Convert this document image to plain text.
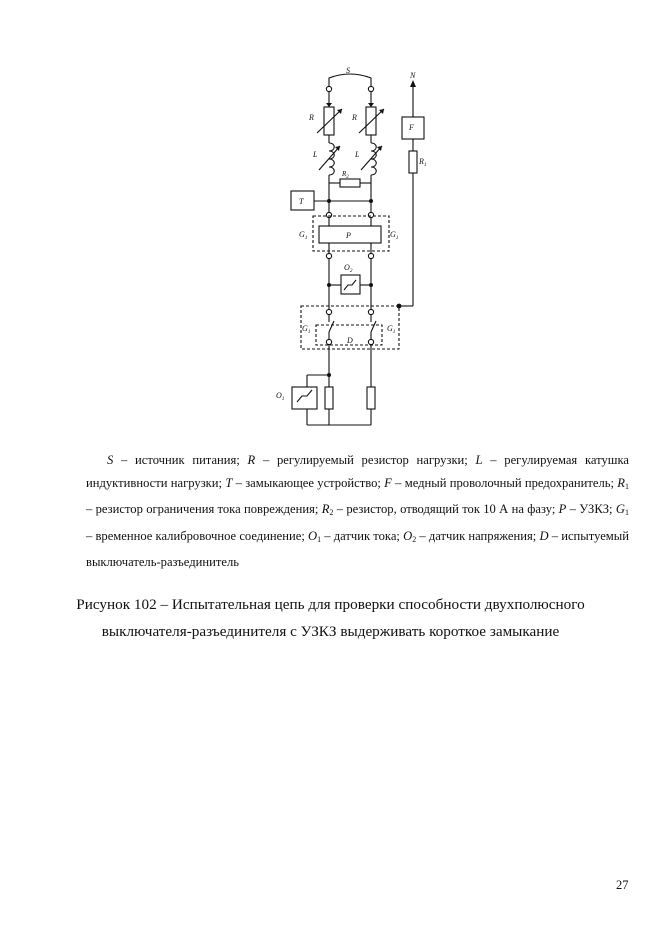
S
N
R	R
L	L
$R_2$
T
F
$R_1$
$G_1$	$G_1$
P
$O_2$
$G_1$	$G_1$
D
$O_1$

S – источник питания; R – регулируемый резистор нагрузки; L – регулируемая катушка индуктивности нагрузки; T – замыкающее устройство; F – медный проволочный предохранитель; $R_1$ – резистор ограничения тока повреждения; $R_2$ – резистор, отводящий ток 10 А на фазу; P – УЗКЗ; $G_1$ – временное калибровочное соединение; $O_1$ – датчик тока; $O_2$ – датчик напряжения; D – испытуемый выключатель-разъединитель

Рисунок 102 – Испытательная цепь для проверки способности двухполюсного
выключателя-разъединителя с УЗКЗ выдерживать короткое замыкание

27
